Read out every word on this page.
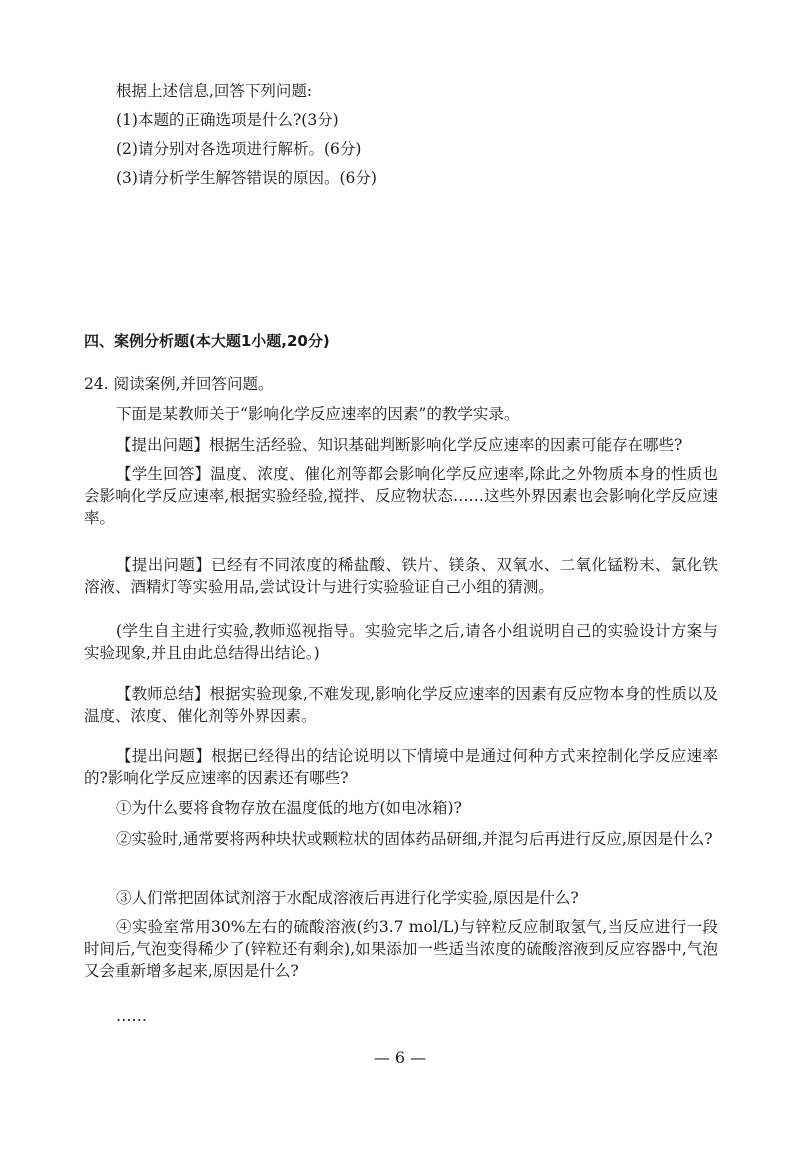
根据上述信息,回答下列问题:
(1)本题的正确选项是什么?(3分)
(2)请分别对各选项进行解析。(6分)
(3)请分析学生解答错误的原因。(6分)
四、案例分析题(本大题1小题,20分)
24. 阅读案例,并回答问题。
下面是某教师关于“影响化学反应速率的因素”的教学实录。
【提出问题】根据生活经验、知识基础判断影响化学反应速率的因素可能存在哪些?
【学生回答】温度、浓度、催化剂等都会影响化学反应速率,除此之外物质本身的性质也会影响化学反应速率,根据实验经验,搅拌、反应物状态……这些外界因素也会影响化学反应速率。
【提出问题】已经有不同浓度的稀盐酸、铁片、镁条、双氧水、二氧化锰粉末、氯化铁溶液、酒精灯等实验用品,尝试设计与进行实验验证自己小组的猜测。
(学生自主进行实验,教师巡视指导。实验完毕之后,请各小组说明自己的实验设计方案与实验现象,并且由此总结得出结论。)
【教师总结】根据实验现象,不难发现,影响化学反应速率的因素有反应物本身的性质以及温度、浓度、催化剂等外界因素。
【提出问题】根据已经得出的结论说明以下情境中是通过何种方式来控制化学反应速率的?影响化学反应速率的因素还有哪些?
①为什么要将食物存放在温度低的地方(如电冰箱)?
②实验时,通常要将两种块状或颗粒状的固体药品研细,并混匀后再进行反应,原因是什么?
③人们常把固体试剂溶于水配成溶液后再进行化学实验,原因是什么?
④实验室常用30%左右的硫酸溶液(约3.7 mol/L)与锌粒反应制取氢气,当反应进行一段时间后,气泡变得稀少了(锌粒还有剩余),如果添加一些适当浓度的硫酸溶液到反应容器中,气泡又会重新增多起来,原因是什么?
……
— 6 —
